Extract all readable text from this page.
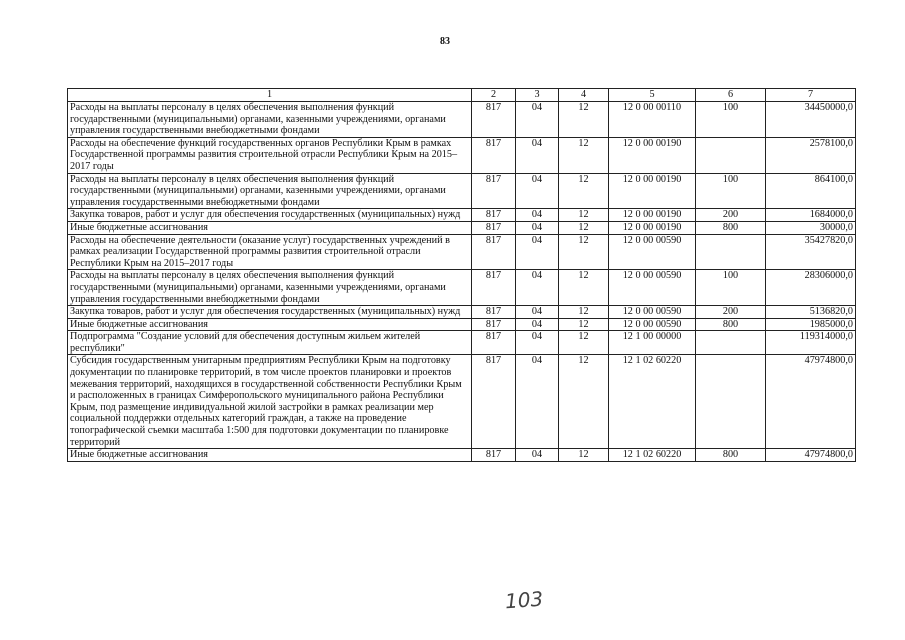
83
1	2	3	4	5	6	7
Расходы на выплаты персоналу в целях обеспечения выполнения функций государственными (муниципальными) органами, казенными учреждениями, органами управления государственными внебюджетными фондами	817	04	12	12 0 00 00110	100	34450000,0
Расходы на обеспечение функций государственных органов Республики Крым в рамках Государственной программы развития строительной отрасли Республики Крым на 2015–2017 годы	817	04	12	12 0 00 00190		2578100,0
Расходы на выплаты персоналу в целях обеспечения выполнения функций государственными (муниципальными) органами, казенными учреждениями, органами управления государственными внебюджетными фондами	817	04	12	12 0 00 00190	100	864100,0
Закупка товаров, работ и услуг для обеспечения государственных (муниципальных) нужд	817	04	12	12 0 00 00190	200	1684000,0
Иные бюджетные ассигнования	817	04	12	12 0 00 00190	800	30000,0
Расходы на обеспечение деятельности (оказание услуг) государственных учреждений в рамках реализации Государственной программы развития строительной отрасли Республики Крым на 2015–2017 годы	817	04	12	12 0 00 00590		35427820,0
Расходы на выплаты персоналу в целях обеспечения выполнения функций государственными (муниципальными) органами, казенными учреждениями, органами управления государственными внебюджетными фондами	817	04	12	12 0 00 00590	100	28306000,0
Закупка товаров, работ и услуг для обеспечения государственных (муниципальных) нужд	817	04	12	12 0 00 00590	200	5136820,0
Иные бюджетные ассигнования	817	04	12	12 0 00 00590	800	1985000,0
Подпрограмма "Создание условий для обеспечения доступным жильем жителей республики"	817	04	12	12 1 00 00000		119314000,0
Субсидия государственным унитарным предприятиям Республики Крым на подготовку документации по планировке территорий, в том числе проектов планировки и проектов межевания территорий, находящихся в государственной собственности Республики Крым и расположенных в границах Симферопольского муниципального района Республики Крым, под размещение индивидуальной жилой застройки в рамках реализации мер социальной поддержки отдельных категорий граждан, а также на проведение топографической съемки масштаба 1:500 для подготовки документации по планировке территорий	817	04	12	12 1 02 60220		47974800,0
Иные бюджетные ассигнования	817	04	12	12 1 02 60220	800	47974800,0
103
